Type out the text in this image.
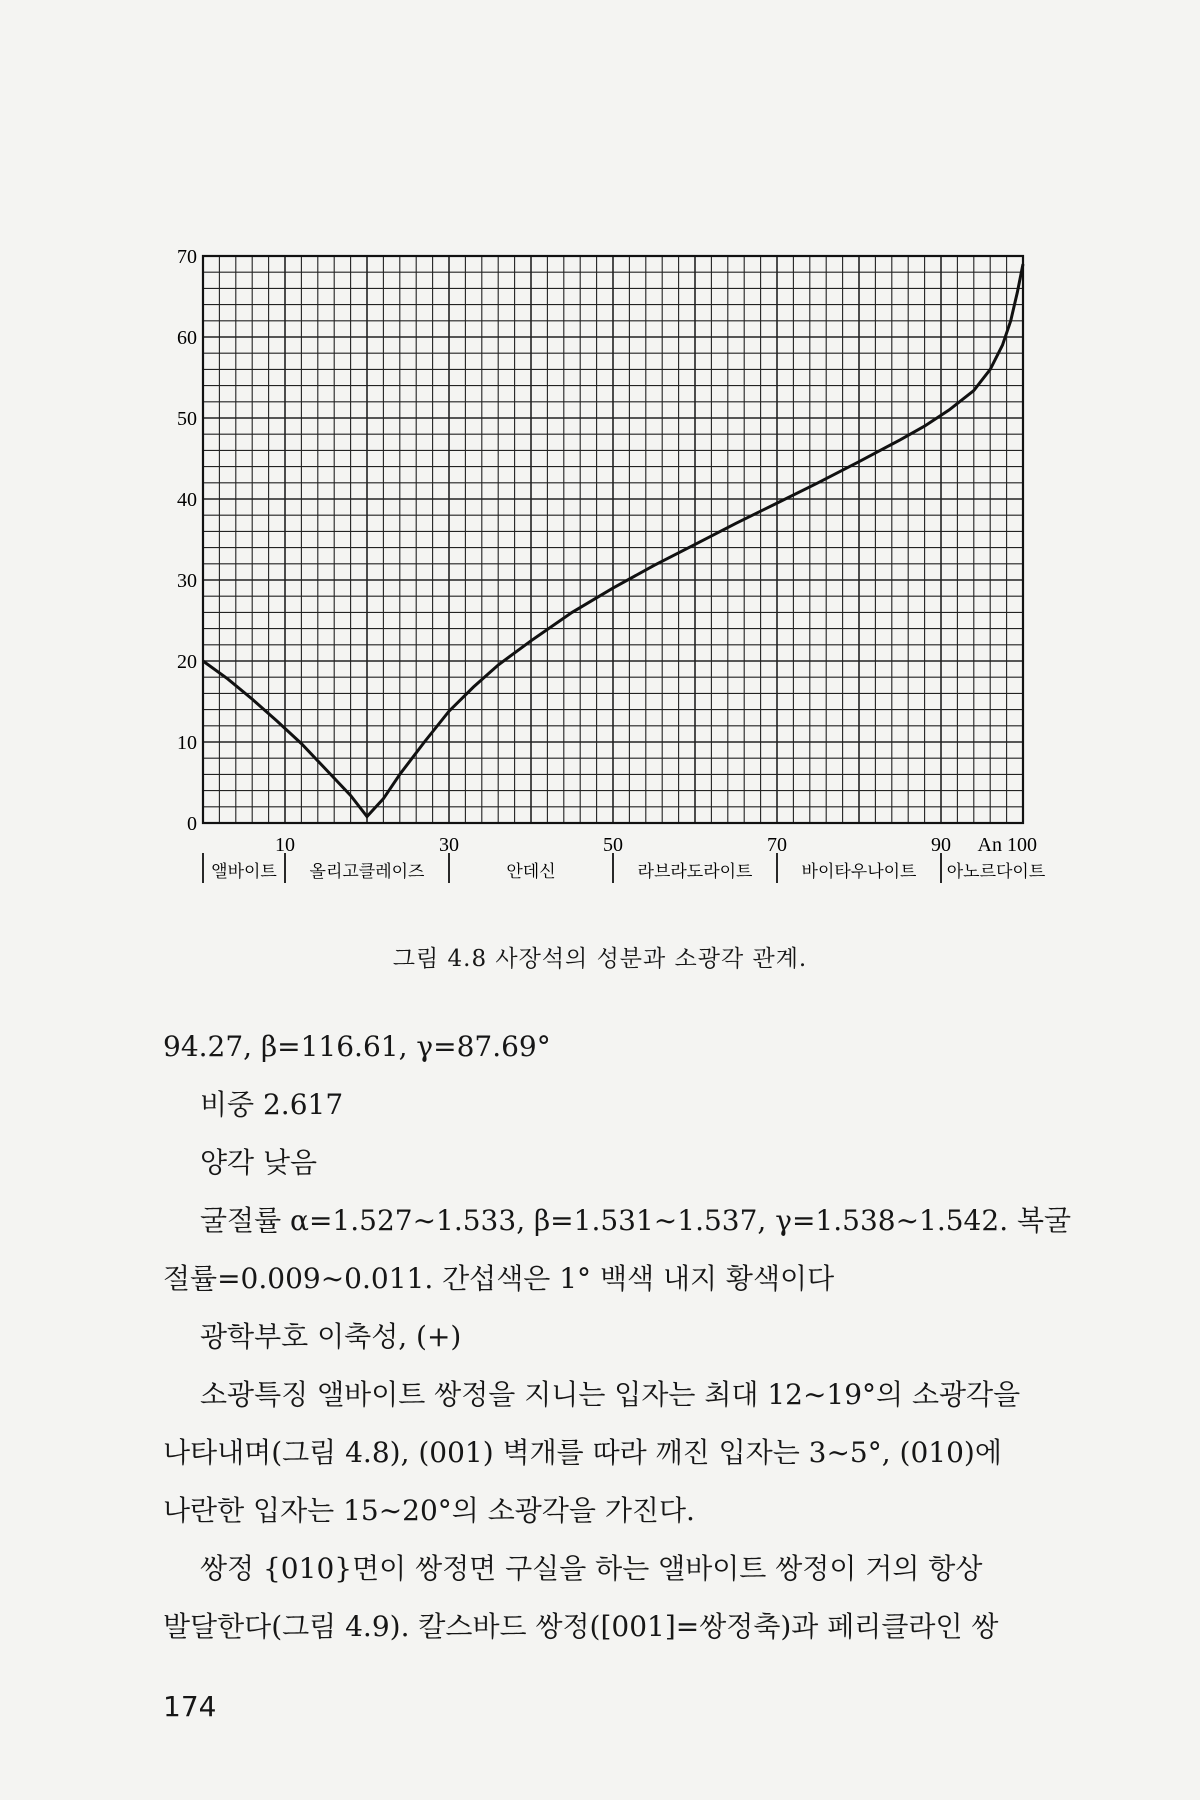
0
10
20
30
40
50
60
70
10	30	50	70	90 An 100
앨바이트 올리고클레이즈	안데신	라브라도라이트	바이타우나이트 아노르다이트
그림 4.8 사장석의 성분과 소광각 관계.
94.27, β=116.61, γ=87.69°
비중 2.617
양각 낮음
굴절률 α=1.527∼1.533, β=1.531∼1.537, γ=1.538∼1.542. 복굴
절률=0.009∼0.011. 간섭색은 1° 백색 내지 황색이다
광학부호 이축성, (+)
소광특징 앨바이트 쌍정을 지니는 입자는 최대 12∼19°의 소광각을
나타내며(그림 4.8), (001) 벽개를 따라 깨진 입자는 3∼5°, (010)에
나란한 입자는 15∼20°의 소광각을 가진다.
쌍정 {010}면이 쌍정면 구실을 하는 앨바이트 쌍정이 거의 항상
발달한다(그림 4.9). 칼스바드 쌍정([001]=쌍정축)과 페리클라인 쌍
174
